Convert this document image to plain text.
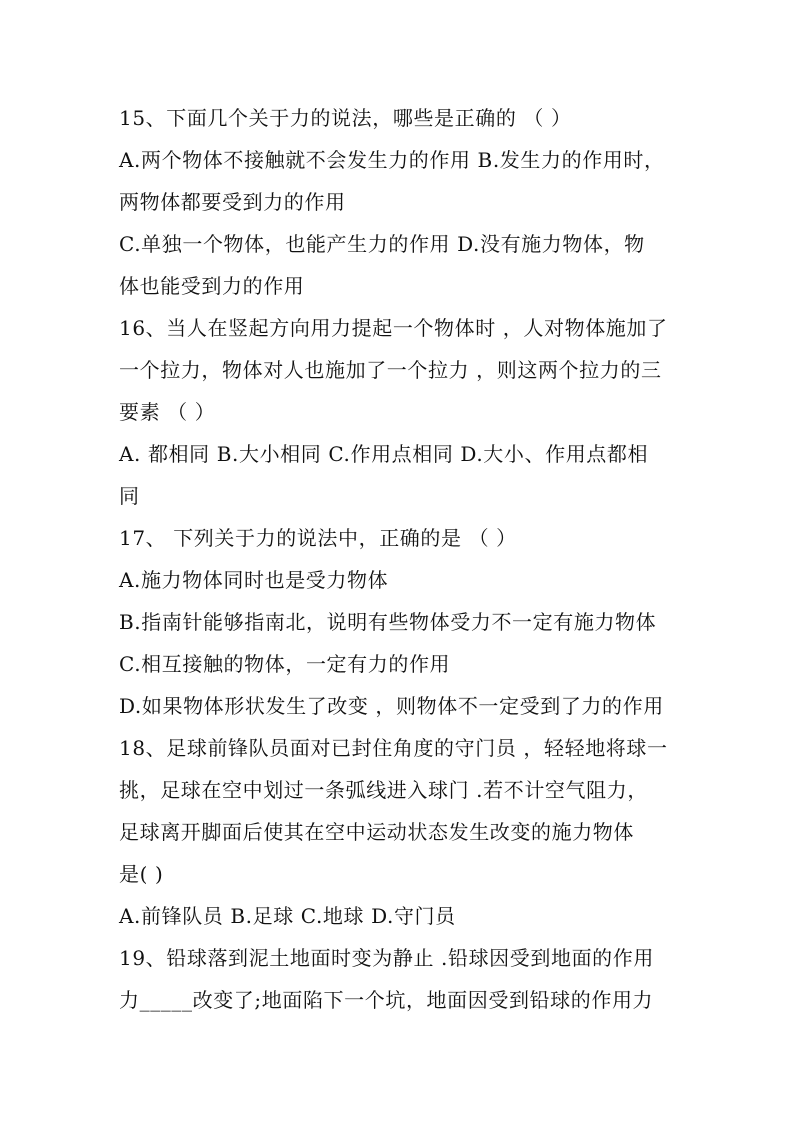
15、下面几个关于力的说法，哪些是正确的 （ ）
A.两个物体不接触就不会发生力的作用 B.发生力的作用时，
两物体都要受到力的作用
C.单独一个物体，也能产生力的作用 D.没有施力物体，物
体也能受到力的作用
16、当人在竖起方向用力提起一个物体时 ，人对物体施加了
一个拉力，物体对人也施加了一个拉力 ，则这两个拉力的三
要素 （ ）
A. 都相同 B.大小相同 C.作用点相同 D.大小、作用点都相
同
17、 下列关于力的说法中，正确的是 （ ）
A.施力物体同时也是受力物体
B.指南针能够指南北，说明有些物体受力不一定有施力物体
C.相互接触的物体，一定有力的作用
D.如果物体形状发生了改变 ，则物体不一定受到了力的作用
18、足球前锋队员面对已封住角度的守门员 ，轻轻地将球一
挑，足球在空中划过一条弧线进入球门 .若不计空气阻力，
足球离开脚面后使其在空中运动状态发生改变的施力物体
是( )
A.前锋队员 B.足球 C.地球 D.守门员
19、铅球落到泥土地面时变为静止 .铅球因受到地面的作用
力_____改变了;地面陷下一个坑，地面因受到铅球的作用力
